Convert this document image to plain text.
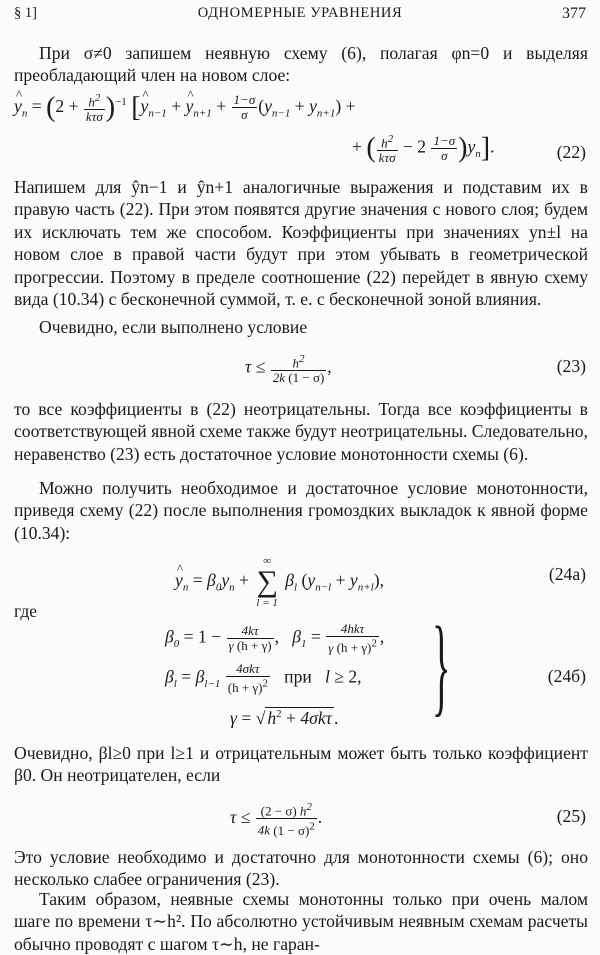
§ 1]	ОДНОМЕРНЫЕ УРАВНЕНИЯ	377
При σ≠0 запишем неявную схему (6), полагая φn=0 и выделяя преобладающий член на новом слое:
^ $y_n = (2 + \frac{h^2}{\text{kτσ}} )^{-1}$ [^ $y_{n-1}$ + ^ $y_{n+1} + \frac{1-\sigma}{\sigma} (y_{n-1} + y_{n+1})$ +
+ ( $\frac{h^2}{\text{kτσ}} - 2 \frac{1-\sigma}{\sigma} )y_n$].	(22)
Напишем для ŷn−1 и ŷn+1 аналогичные выражения и подставим их в правую часть (22). При этом появятся другие значения с нового слоя; будем их исключать тем же способом. Коэффициенты при значениях yn±l на новом слое в правой части будут при этом убывать в геометрической прогрессии. Поэтому в пределе соотношение (22) перейдет в явную схему вида (10.34) с бесконечной суммой, т. е. с бесконечной зоной влияния.
Очевидно, если выполнено условие
$\tau \le \frac{h^2}{2k (1 - \sigma)}$ ,	(23)
то все коэффициенты в (22) неотрицательны. Тогда все коэффициенты в соответствующей явной схеме также будут неотрицательны. Следовательно, неравенство (23) есть достаточное условие монотонности схемы (6).
Можно получить необходимое и достаточное условие монотонности, приведя схему (22) после выполнения громоздких выкладок к явной форме (10.34):
^ $y_n = \beta_0y_n$ + ∞
∑
l = 1 $\beta_l$ $(y_{n-l} + y_{n+l})$,	(24а)
где
$\beta_0 = 1 - \frac{4k\tau}{\gamma (h + \gamma)}$ ,   $\beta_1 = \frac{\text{4hkτ}}{\gamma (h + \gamma)^2}$ ,
$\beta_l = \beta_{l-1} \frac{\text{4σkτ}}{(h + \gamma)^2}$ при   l ≥ 2,
γ = √ $h^2 + 4\sigma k\tau$ . }	(24б)
Очевидно, βl≥0 при l≥1 и отрицательным может быть только коэффициент β0. Он неотрицателен, если
$\tau \le \frac{(2 - \sigma) h^2}{4k (1 - \sigma)^2}$ .	(25)
Это условие необходимо и достаточно для монотонности схемы (6); оно несколько слабее ограничения (23).
Таким образом, неявные схемы монотонны только при очень малом шаге по времени τ∼h². По абсолютно устойчивым неявным схемам расчеты обычно проводят с шагом τ∼h, не гаран-
